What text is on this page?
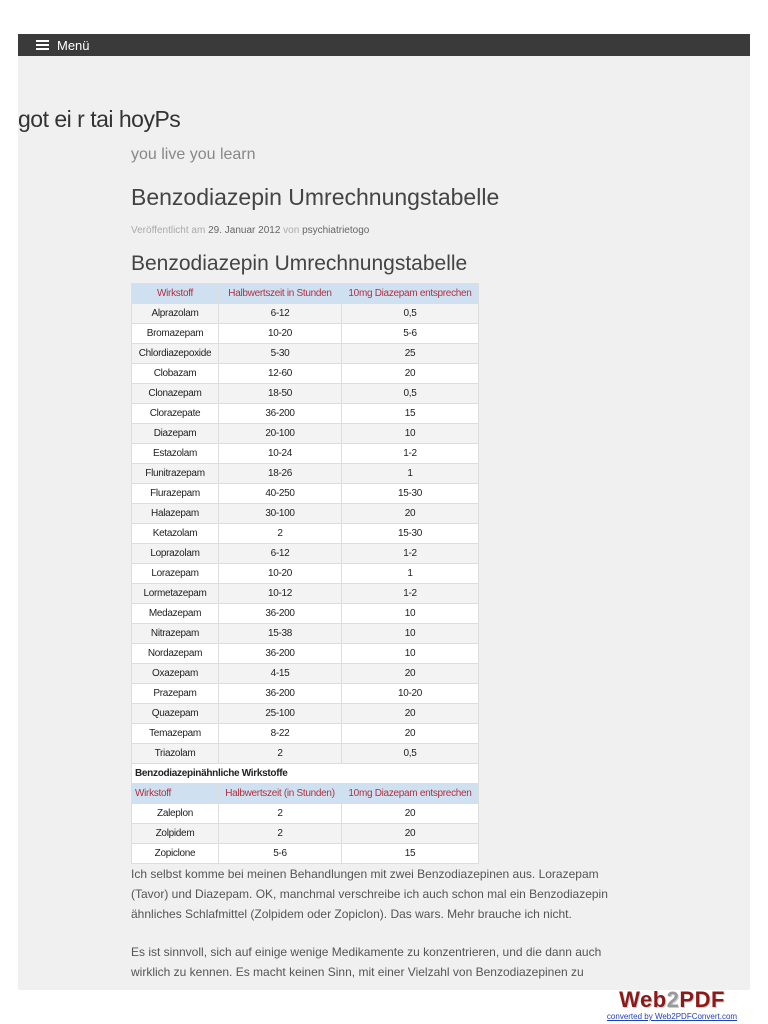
Menü
got ei r tai hoyPs
you live you learn
Benzodiazepin Umrechnungstabelle
Veröffentlicht am 29. Januar 2012 von psychiatrietogo
Benzodiazepin Umrechnungstabelle
Wirkstoff	Halbwertszeit in Stunden	10mg Diazepam entsprechen
Alprazolam	6-12	0,5
Bromazepam	10-20	5-6
Chlordiazepoxide	5-30	25
Clobazam	12-60	20
Clonazepam	18-50	0,5
Clorazepate	36-200	15
Diazepam	20-100	10
Estazolam	10-24	1-2
Flunitrazepam	18-26	1
Flurazepam	40-250	15-30
Halazepam	30-100	20
Ketazolam	2	15-30
Loprazolam	6-12	1-2
Lorazepam	10-20	1
Lormetazepam	10-12	1-2
Medazepam	36-200	10
Nitrazepam	15-38	10
Nordazepam	36-200	10
Oxazepam	4-15	20
Prazepam	36-200	10-20
Quazepam	25-100	20
Temazepam	8-22	20
Triazolam	2	0,5
Benzodiazepinähnliche Wirkstoffe		
Wirkstoff	Halbwertszeit (in Stunden)	10mg Diazepam entsprechen
Zaleplon	2	20
Zolpidem	2	20
Zopiclone	5-6	15

Ich selbst komme bei meinen Behandlungen mit zwei Benzodiazepinen aus. Lorazepam (Tavor) und Diazepam. OK, manchmal verschreibe ich auch schon mal ein Benzodiazepin ähnliches Schlafmittel (Zolpidem oder Zopiclon). Das wars. Mehr brauche ich nicht.

Es ist sinnvoll, sich auf einige wenige Medikamente zu konzentrieren, und die dann auch wirklich zu kennen. Es macht keinen Sinn, mit einer Vielzahl von Benzodiazepinen zu

Web2PDF
converted by Web2PDFConvert.com
